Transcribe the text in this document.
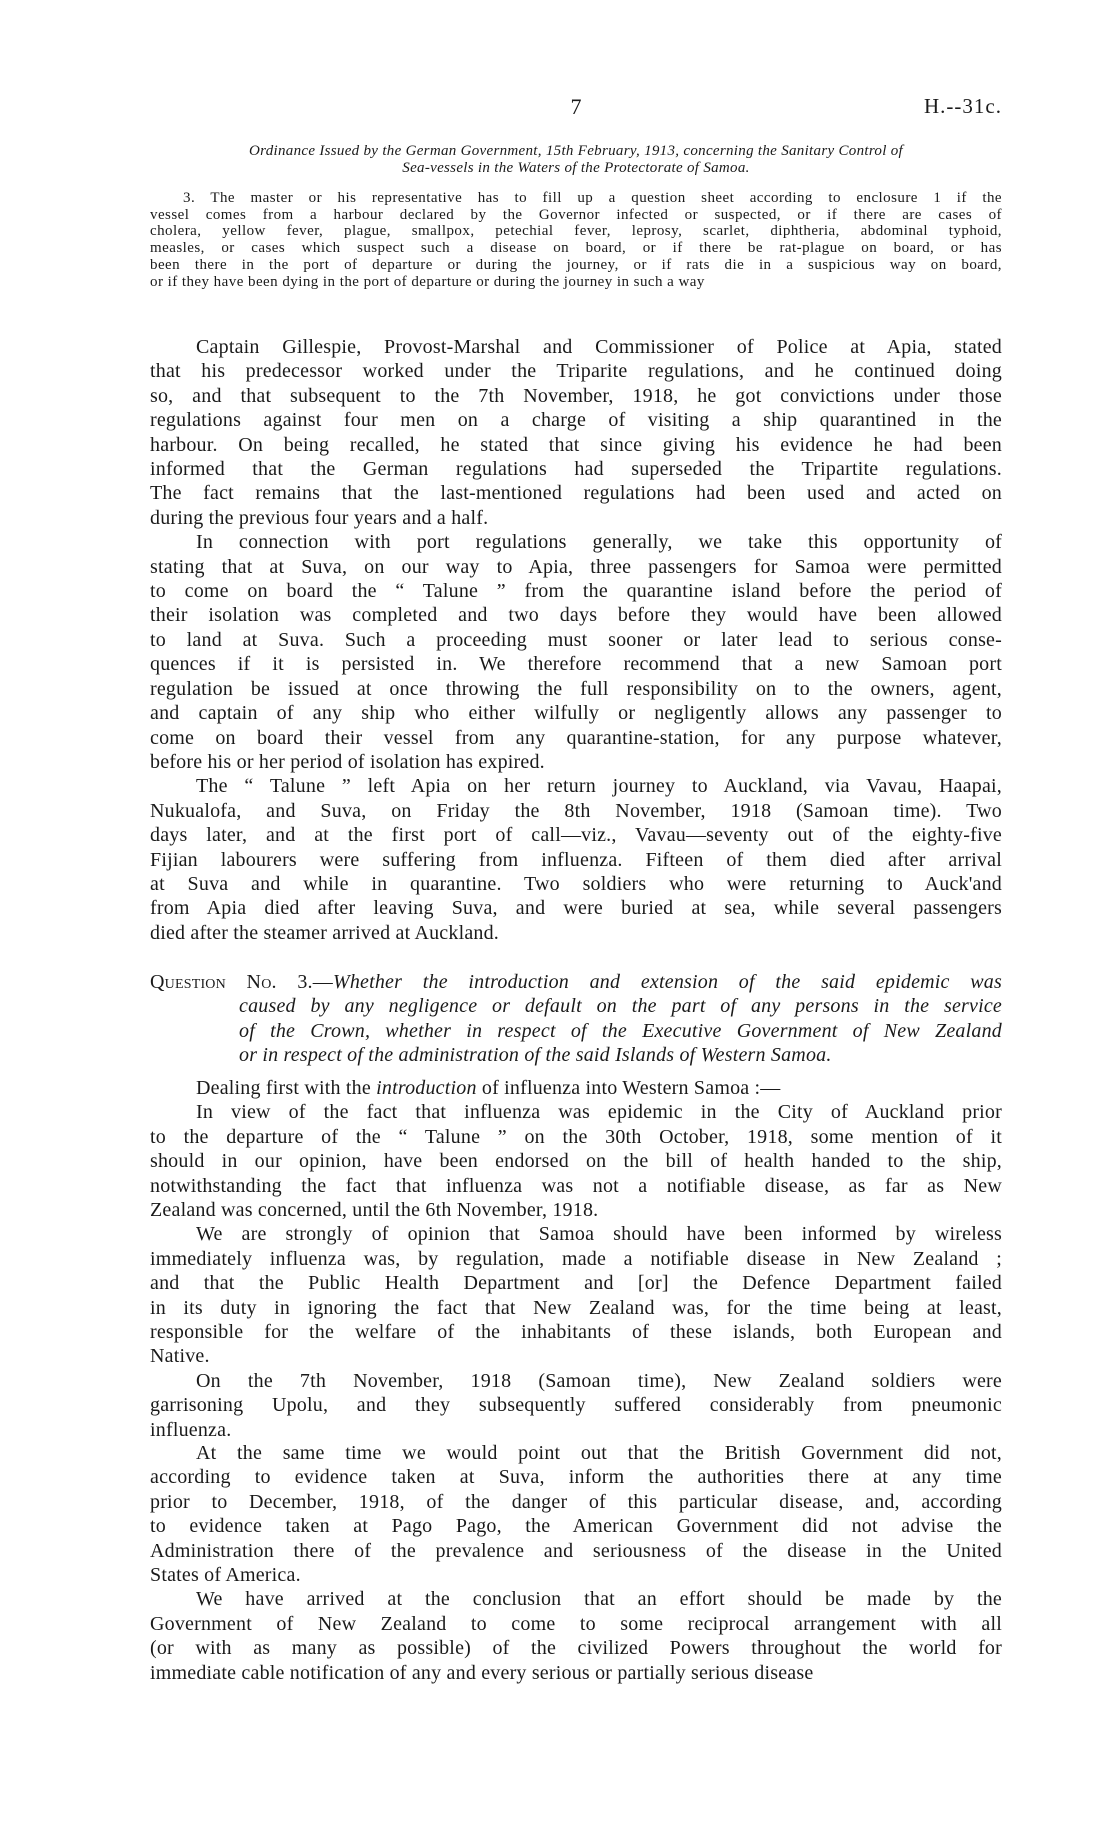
7	H.--31c.
Ordinance Issued by the German Government, 15th February, 1913, concerning the Sanitary Control of
Sea-vessels in the Waters of the Protectorate of Samoa.
3. The master or his representative has to fill up a question sheet according to enclosure 1 if the
vessel comes from a harbour declared by the Governor infected or suspected, or if there are cases of
cholera, yellow fever, plague, smallpox, petechial fever, leprosy, scarlet, diphtheria, abdominal typhoid,
measles, or cases which suspect such a disease on board, or if there be rat-plague on board, or has
been there in the port of departure or during the journey, or if rats die in a suspicious way on board,
or if they have been dying in the port of departure or during the journey in such a way
Captain Gillespie, Provost-Marshal and Commissioner of Police at Apia, stated
that his predecessor worked under the Triparite regulations, and he continued doing
so, and that subsequent to the 7th November, 1918, he got convictions under those
regulations against four men on a charge of visiting a ship quarantined in the
harbour. On being recalled, he stated that since giving his evidence he had been
informed that the German regulations had superseded the Tripartite regulations.
The fact remains that the last-mentioned regulations had been used and acted on
during the previous four years and a half.
In connection with port regulations generally, we take this opportunity of
stating that at Suva, on our way to Apia, three passengers for Samoa were permitted
to come on board the “ Talune ” from the quarantine island before the period of
their isolation was completed and two days before they would have been allowed
to land at Suva. Such a proceeding must sooner or later lead to serious conse-
quences if it is persisted in. We therefore recommend that a new Samoan port
regulation be issued at once throwing the full responsibility on to the owners, agent,
and captain of any ship who either wilfully or negligently allows any passenger to
come on board their vessel from any quarantine-station, for any purpose whatever,
before his or her period of isolation has expired.
The “ Talune ” left Apia on her return journey to Auckland, via Vavau, Haapai,
Nukualofa, and Suva, on Friday the 8th November, 1918 (Samoan time). Two
days later, and at the first port of call—viz., Vavau—seventy out of the eighty-five
Fijian labourers were suffering from influenza. Fifteen of them died after arrival
at Suva and while in quarantine. Two soldiers who were returning to Auck'and
from Apia died after leaving Suva, and were buried at sea, while several passengers
died after the steamer arrived at Auckland.
Question No. 3.—Whether the introduction and extension of the said epidemic was
caused by any negligence or default on the part of any persons in the service
of the Crown, whether in respect of the Executive Government of New Zealand
or in respect of the administration of the said Islands of Western Samoa.
Dealing first with the introduction of influenza into Western Samoa :—
In view of the fact that influenza was epidemic in the City of Auckland prior
to the departure of the “ Talune ” on the 30th October, 1918, some mention of it
should in our opinion, have been endorsed on the bill of health handed to the ship,
notwithstanding the fact that influenza was not a notifiable disease, as far as New
Zealand was concerned, until the 6th November, 1918.
We are strongly of opinion that Samoa should have been informed by wireless
immediately influenza was, by regulation, made a notifiable disease in New Zealand ;
and that the Public Health Department and [or] the Defence Department failed
in its duty in ignoring the fact that New Zealand was, for the time being at least,
responsible for the welfare of the inhabitants of these islands, both European and
Native.
On the 7th November, 1918 (Samoan time), New Zealand soldiers were
garrisoning Upolu, and they subsequently suffered considerably from pneumonic
influenza.
At the same time we would point out that the British Government did not,
according to evidence taken at Suva, inform the authorities there at any time
prior to December, 1918, of the danger of this particular disease, and, according
to evidence taken at Pago Pago, the American Government did not advise the
Administration there of the prevalence and seriousness of the disease in the United
States of America.
We have arrived at the conclusion that an effort should be made by the
Government of New Zealand to come to some reciprocal arrangement with all
(or with as many as possible) of the civilized Powers throughout the world for
immediate cable notification of any and every serious or partially serious disease
